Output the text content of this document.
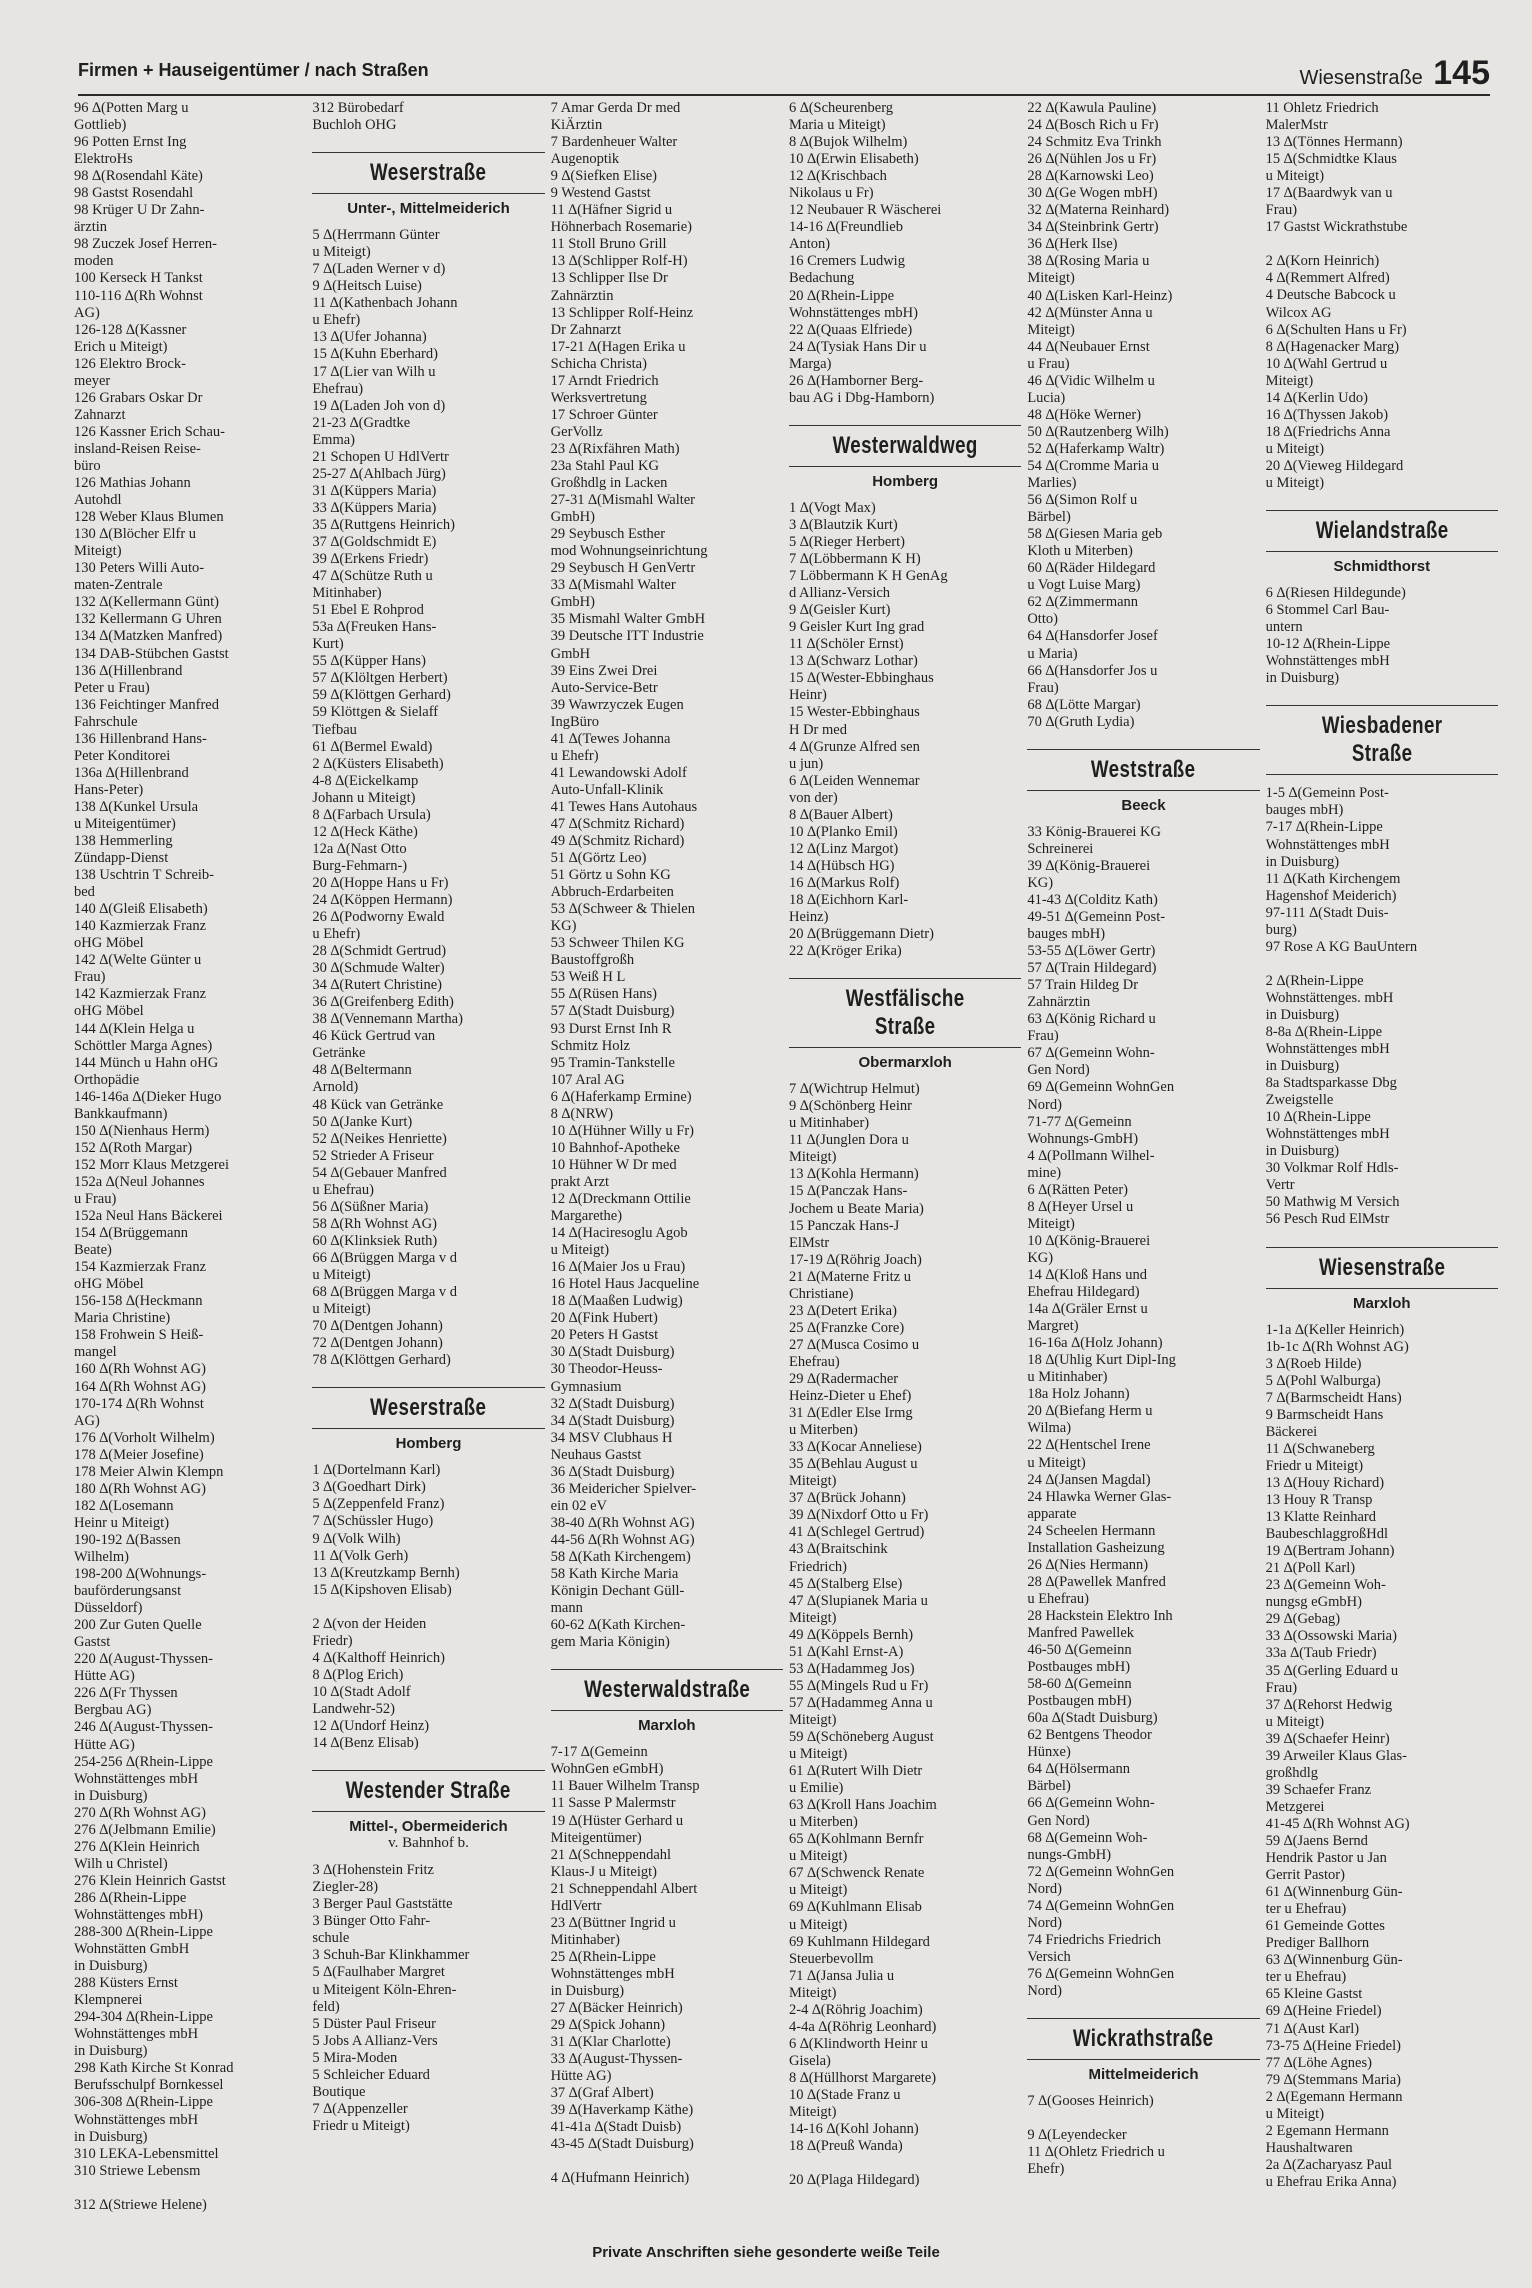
Firmen + Hauseigentümer / nach Straßen	Wiesenstraße 145
96 ∆(Potten Marg u
Gottlieb)
96 Potten Ernst Ing
ElektroHs
98 ∆(Rosendahl Käte)
98 Gastst Rosendahl
98 Krüger U Dr Zahn-
ärztin
98 Zuczek Josef Herren-
moden
100 Kerseck H Tankst
110-116 ∆(Rh Wohnst
AG)
126-128 ∆(Kassner
Erich u Miteigt)
126 Elektro Brock-
meyer
126 Grabars Oskar Dr
Zahnarzt
126 Kassner Erich Schau-
insland-Reisen Reise-
büro
126 Mathias Johann
Autohdl
128 Weber Klaus Blumen
130 ∆(Blöcher Elfr u
Miteigt)
130 Peters Willi Auto-
maten-Zentrale
132 ∆(Kellermann Günt)
132 Kellermann G Uhren
134 ∆(Matzken Manfred)
134 DAB-Stübchen Gastst
136 ∆(Hillenbrand
Peter u Frau)
136 Feichtinger Manfred
Fahrschule
136 Hillenbrand Hans-
Peter Konditorei
136a ∆(Hillenbrand
Hans-Peter)
138 ∆(Kunkel Ursula
u Miteigentümer)
138 Hemmerling
Zündapp-Dienst
138 Uschtrin T Schreib-
bed
140 ∆(Gleiß Elisabeth)
140 Kazmierzak Franz
oHG Möbel
142 ∆(Welte Günter u
Frau)
142 Kazmierzak Franz
oHG Möbel
144 ∆(Klein Helga u
Schöttler Marga Agnes)
144 Münch u Hahn oHG
Orthopädie
146-146a ∆(Dieker Hugo
Bankkaufmann)
150 ∆(Nienhaus Herm)
152 ∆(Roth Margar)
152 Morr Klaus Metzgerei
152a ∆(Neul Johannes
u Frau)
152a Neul Hans Bäckerei
154 ∆(Brüggemann
Beate)
154 Kazmierzak Franz
oHG Möbel
156-158 ∆(Heckmann
Maria Christine)
158 Frohwein S Heiß-
mangel
160 ∆(Rh Wohnst AG)
164 ∆(Rh Wohnst AG)
170-174 ∆(Rh Wohnst
AG)
176 ∆(Vorholt Wilhelm)
178 ∆(Meier Josefine)
178 Meier Alwin Klempn
180 ∆(Rh Wohnst AG)
182 ∆(Losemann
Heinr u Miteigt)
190-192 ∆(Bassen
Wilhelm)
198-200 ∆(Wohnungs-
bauförderungsanst
Düsseldorf)
200 Zur Guten Quelle
Gastst
220 ∆(August-Thyssen-
Hütte AG)
226 ∆(Fr Thyssen
Bergbau AG)
246 ∆(August-Thyssen-
Hütte AG)
254-256 ∆(Rhein-Lippe
Wohnstättenges mbH
in Duisburg)
270 ∆(Rh Wohnst AG)
276 ∆(Jelbmann Emilie)
276 ∆(Klein Heinrich
Wilh u Christel)
276 Klein Heinrich Gastst
286 ∆(Rhein-Lippe
Wohnstättenges mbH)
288-300 ∆(Rhein-Lippe
Wohnstätten GmbH
in Duisburg)
288 Küsters Ernst
Klempnerei
294-304 ∆(Rhein-Lippe
Wohnstättenges mbH
in Duisburg)
298 Kath Kirche St Konrad
Berufsschulpf Bornkessel
306-308 ∆(Rhein-Lippe
Wohnstättenges mbH
in Duisburg)
310 LEKA-Lebensmittel
310 Striewe Lebensm
312 ∆(Striewe Helene)
312 Bürobedarf
Buchloh OHG
Weserstraße
Unter-, Mittelmeiderich
5 ∆(Herrmann Günter
u Miteigt)
7 ∆(Laden Werner v d)
9 ∆(Heitsch Luise)
11 ∆(Kathenbach Johann
u Ehefr)
13 ∆(Ufer Johanna)
15 ∆(Kuhn Eberhard)
17 ∆(Lier van Wilh u
Ehefrau)
19 ∆(Laden Joh von d)
21-23 ∆(Gradtke
Emma)
21 Schopen U HdlVertr
25-27 ∆(Ahlbach Jürg)
31 ∆(Küppers Maria)
33 ∆(Küppers Maria)
35 ∆(Ruttgens Heinrich)
37 ∆(Goldschmidt E)
39 ∆(Erkens Friedr)
47 ∆(Schütze Ruth u
Mitinhaber)
51 Ebel E Rohprod
53a ∆(Freuken Hans-
Kurt)
55 ∆(Küpper Hans)
57 ∆(Klöltgen Herbert)
59 ∆(Klöttgen Gerhard)
59 Klöttgen & Sielaff
Tiefbau
61 ∆(Bermel Ewald)
2 ∆(Küsters Elisabeth)
4-8 ∆(Eickelkamp
Johann u Miteigt)
8 ∆(Farbach Ursula)
12 ∆(Heck Käthe)
12a ∆(Nast Otto
Burg-Fehmarn-)
20 ∆(Hoppe Hans u Fr)
24 ∆(Köppen Hermann)
26 ∆(Podworny Ewald
u Ehefr)
28 ∆(Schmidt Gertrud)
30 ∆(Schmude Walter)
34 ∆(Rutert Christine)
36 ∆(Greifenberg Edith)
38 ∆(Vennemann Martha)
46 Kück Gertrud van
Getränke
48 ∆(Beltermann
Arnold)
48 Kück van Getränke
50 ∆(Janke Kurt)
52 ∆(Neikes Henriette)
52 Strieder A Friseur
54 ∆(Gebauer Manfred
u Ehefrau)
56 ∆(Süßner Maria)
58 ∆(Rh Wohnst AG)
60 ∆(Klinksiek Ruth)
66 ∆(Brüggen Marga v d
u Miteigt)
68 ∆(Brüggen Marga v d
u Miteigt)
70 ∆(Dentgen Johann)
72 ∆(Dentgen Johann)
78 ∆(Klöttgen Gerhard)
Weserstraße
Homberg
1 ∆(Dortelmann Karl)
3 ∆(Goedhart Dirk)
5 ∆(Zeppenfeld Franz)
7 ∆(Schüssler Hugo)
9 ∆(Volk Wilh)
11 ∆(Volk Gerh)
13 ∆(Kreutzkamp Bernh)
15 ∆(Kipshoven Elisab)
2 ∆(von der Heiden
Friedr)
4 ∆(Kalthoff Heinrich)
8 ∆(Plog Erich)
10 ∆(Stadt Adolf
Landwehr-52)
12 ∆(Undorf Heinz)
14 ∆(Benz Elisab)
Westender Straße
Mittel-, Obermeiderich
v. Bahnhof b.
3 ∆(Hohenstein Fritz
Ziegler-28)
3 Berger Paul Gaststätte
3 Bünger Otto Fahr-
schule
3 Schuh-Bar Klinkhammer
5 ∆(Faulhaber Margret
u Miteigent Köln-Ehren-
feld)
5 Düster Paul Friseur
5 Jobs A Allianz-Vers
5 Mira-Moden
5 Schleicher Eduard
Boutique
7 ∆(Appenzeller
Friedr u Miteigt)
7 Amar Gerda Dr med
KiÄrztin
7 Bardenheuer Walter
Augenoptik
9 ∆(Siefken Elise)
9 Westend Gastst
11 ∆(Häfner Sigrid u
Höhnerbach Rosemarie)
11 Stoll Bruno Grill
13 ∆(Schlipper Rolf-H)
13 Schlipper Ilse Dr
Zahnärztin
13 Schlipper Rolf-Heinz
Dr Zahnarzt
17-21 ∆(Hagen Erika u
Schicha Christa)
17 Arndt Friedrich
Werksvertretung
17 Schroer Günter
GerVollz
23 ∆(Rixfähren Math)
23a Stahl Paul KG
Großhdlg in Lacken
27-31 ∆(Mismahl Walter
GmbH)
29 Seybusch Esther
mod Wohnungseinrichtung
29 Seybusch H GenVertr
33 ∆(Mismahl Walter
GmbH)
35 Mismahl Walter GmbH
39 Deutsche ITT Industrie
GmbH
39 Eins Zwei Drei
Auto-Service-Betr
39 Wawrzyczek Eugen
IngBüro
41 ∆(Tewes Johanna
u Ehefr)
41 Lewandowski Adolf
Auto-Unfall-Klinik
41 Tewes Hans Autohaus
47 ∆(Schmitz Richard)
49 ∆(Schmitz Richard)
51 ∆(Görtz Leo)
51 Görtz u Sohn KG
Abbruch-Erdarbeiten
53 ∆(Schweer & Thielen
KG)
53 Schweer Thilen KG
Baustoffgroßh
53 Weiß H L
55 ∆(Rüsen Hans)
57 ∆(Stadt Duisburg)
93 Durst Ernst Inh R
Schmitz Holz
95 Tramin-Tankstelle
107 Aral AG
6 ∆(Haferkamp Ermine)
8 ∆(NRW)
10 ∆(Hühner Willy u Fr)
10 Bahnhof-Apotheke
10 Hühner W Dr med
prakt Arzt
12 ∆(Dreckmann Ottilie
Margarethe)
14 ∆(Haciresoglu Agob
u Miteigt)
16 ∆(Maier Jos u Frau)
16 Hotel Haus Jacqueline
18 ∆(Maaßen Ludwig)
20 ∆(Fink Hubert)
20 Peters H Gastst
30 ∆(Stadt Duisburg)
30 Theodor-Heuss-
Gymnasium
32 ∆(Stadt Duisburg)
34 ∆(Stadt Duisburg)
34 MSV Clubhaus H
Neuhaus Gastst
36 ∆(Stadt Duisburg)
36 Meidericher Spielver-
ein 02 eV
38-40 ∆(Rh Wohnst AG)
44-56 ∆(Rh Wohnst AG)
58 ∆(Kath Kirchengem)
58 Kath Kirche Maria
Königin Dechant Güll-
mann
60-62 ∆(Kath Kirchen-
gem Maria Königin)
Westerwaldstraße
Marxloh
7-17 ∆(Gemeinn
WohnGen eGmbH)
11 Bauer Wilhelm Transp
11 Sasse P Malermstr
19 ∆(Hüster Gerhard u
Miteigentümer)
21 ∆(Schneppendahl
Klaus-J u Miteigt)
21 Schneppendahl Albert
HdlVertr
23 ∆(Büttner Ingrid u
Mitinhaber)
25 ∆(Rhein-Lippe
Wohnstättenges mbH
in Duisburg)
27 ∆(Bäcker Heinrich)
29 ∆(Spick Johann)
31 ∆(Klar Charlotte)
33 ∆(August-Thyssen-
Hütte AG)
37 ∆(Graf Albert)
39 ∆(Haverkamp Käthe)
41-41a ∆(Stadt Duisb)
43-45 ∆(Stadt Duisburg)
4 ∆(Hufmann Heinrich)
6 ∆(Scheurenberg
Maria u Miteigt)
8 ∆(Bujok Wilhelm)
10 ∆(Erwin Elisabeth)
12 ∆(Krischbach
Nikolaus u Fr)
12 Neubauer R Wäscherei
14-16 ∆(Freundlieb
Anton)
16 Cremers Ludwig
Bedachung
20 ∆(Rhein-Lippe
Wohnstättenges mbH)
22 ∆(Quaas Elfriede)
24 ∆(Tysiak Hans Dir u
Marga)
26 ∆(Hamborner Berg-
bau AG i Dbg-Hamborn)
Westerwaldweg
Homberg
1 ∆(Vogt Max)
3 ∆(Blautzik Kurt)
5 ∆(Rieger Herbert)
7 ∆(Löbbermann K H)
7 Löbbermann K H GenAg
d Allianz-Versich
9 ∆(Geisler Kurt)
9 Geisler Kurt Ing grad
11 ∆(Schöler Ernst)
13 ∆(Schwarz Lothar)
15 ∆(Wester-Ebbinghaus
Heinr)
15 Wester-Ebbinghaus
H Dr med
4 ∆(Grunze Alfred sen
u jun)
6 ∆(Leiden Wennemar
von der)
8 ∆(Bauer Albert)
10 ∆(Planko Emil)
12 ∆(Linz Margot)
14 ∆(Hübsch HG)
16 ∆(Markus Rolf)
18 ∆(Eichhorn Karl-
Heinz)
20 ∆(Brüggemann Dietr)
22 ∆(Kröger Erika)
Westfälische Straße
Obermarxloh
7 ∆(Wichtrup Helmut)
9 ∆(Schönberg Heinr
u Mitinhaber)
11 ∆(Junglen Dora u
Miteigt)
13 ∆(Kohla Hermann)
15 ∆(Panczak Hans-
Jochem u Beate Maria)
15 Panczak Hans-J
ElMstr
17-19 ∆(Röhrig Joach)
21 ∆(Materne Fritz u
Christiane)
23 ∆(Detert Erika)
25 ∆(Franzke Core)
27 ∆(Musca Cosimo u
Ehefrau)
29 ∆(Radermacher
Heinz-Dieter u Ehef)
31 ∆(Edler Else Irmg
u Miterben)
33 ∆(Kocar Anneliese)
35 ∆(Behlau August u
Miteigt)
37 ∆(Brück Johann)
39 ∆(Nixdorf Otto u Fr)
41 ∆(Schlegel Gertrud)
43 ∆(Braitschink
Friedrich)
45 ∆(Stalberg Else)
47 ∆(Slupianek Maria u
Miteigt)
49 ∆(Köppels Bernh)
51 ∆(Kahl Ernst-A)
53 ∆(Hadammeg Jos)
55 ∆(Mingels Rud u Fr)
57 ∆(Hadammeg Anna u
Miteigt)
59 ∆(Schöneberg August
u Miteigt)
61 ∆(Rutert Wilh Dietr
u Emilie)
63 ∆(Kroll Hans Joachim
u Miterben)
65 ∆(Kohlmann Bernfr
u Miteigt)
67 ∆(Schwenck Renate
u Miteigt)
69 ∆(Kuhlmann Elisab
u Miteigt)
69 Kuhlmann Hildegard
Steuerbevollm
71 ∆(Jansa Julia u
Miteigt)
2-4 ∆(Röhrig Joachim)
4-4a ∆(Röhrig Leonhard)
6 ∆(Klindworth Heinr u
Gisela)
8 ∆(Hüllhorst Margarete)
10 ∆(Stade Franz u
Miteigt)
14-16 ∆(Kohl Johann)
18 ∆(Preuß Wanda)
20 ∆(Plaga Hildegard)
22 ∆(Kawula Pauline)
24 ∆(Bosch Rich u Fr)
24 Schmitz Eva Trinkh
26 ∆(Nühlen Jos u Fr)
28 ∆(Karnowski Leo)
30 ∆(Ge Wogen mbH)
32 ∆(Materna Reinhard)
34 ∆(Steinbrink Gertr)
36 ∆(Herk Ilse)
38 ∆(Rosing Maria u
Miteigt)
40 ∆(Lisken Karl-Heinz)
42 ∆(Münster Anna u
Miteigt)
44 ∆(Neubauer Ernst
u Frau)
46 ∆(Vidic Wilhelm u
Lucia)
48 ∆(Höke Werner)
50 ∆(Rautzenberg Wilh)
52 ∆(Haferkamp Waltr)
54 ∆(Cromme Maria u
Marlies)
56 ∆(Simon Rolf u
Bärbel)
58 ∆(Giesen Maria geb
Kloth u Miterben)
60 ∆(Räder Hildegard
u Vogt Luise Marg)
62 ∆(Zimmermann
Otto)
64 ∆(Hansdorfer Josef
u Maria)
66 ∆(Hansdorfer Jos u
Frau)
68 ∆(Lötte Margar)
70 ∆(Gruth Lydia)
Weststraße
Beeck
33 König-Brauerei KG
Schreinerei
39 ∆(König-Brauerei
KG)
41-43 ∆(Colditz Kath)
49-51 ∆(Gemeinn Post-
bauges mbH)
53-55 ∆(Löwer Gertr)
57 ∆(Train Hildegard)
57 Train Hildeg Dr
Zahnärztin
63 ∆(König Richard u
Frau)
67 ∆(Gemeinn Wohn-
Gen Nord)
69 ∆(Gemeinn WohnGen
Nord)
71-77 ∆(Gemeinn
Wohnungs-GmbH)
4 ∆(Pollmann Wilhel-
mine)
6 ∆(Rätten Peter)
8 ∆(Heyer Ursel u
Miteigt)
10 ∆(König-Brauerei
KG)
14 ∆(Kloß Hans und
Ehefrau Hildegard)
14a ∆(Gräler Ernst u
Margret)
16-16a ∆(Holz Johann)
18 ∆(Uhlig Kurt Dipl-Ing
u Mitinhaber)
18a Holz Johann)
20 ∆(Biefang Herm u
Wilma)
22 ∆(Hentschel Irene
u Miteigt)
24 ∆(Jansen Magdal)
24 Hlawka Werner Glas-
apparate
24 Scheelen Hermann
Installation Gasheizung
26 ∆(Nies Hermann)
28 ∆(Pawellek Manfred
u Ehefrau)
28 Hackstein Elektro Inh
Manfred Pawellek
46-50 ∆(Gemeinn
Postbauges mbH)
58-60 ∆(Gemeinn
Postbaugen mbH)
60a ∆(Stadt Duisburg)
62 Bentgens Theodor
Hünxe)
64 ∆(Hölsermann
Bärbel)
66 ∆(Gemeinn Wohn-
Gen Nord)
68 ∆(Gemeinn Woh-
nungs-GmbH)
72 ∆(Gemeinn WohnGen
Nord)
74 ∆(Gemeinn WohnGen
Nord)
74 Friedrichs Friedrich
Versich
76 ∆(Gemeinn WohnGen
Nord)
Wickrathstraße
Mittelmeiderich
7 ∆(Gooses Heinrich)
9 ∆(Leyendecker
11 ∆(Ohletz Friedrich u
Ehefr)
11 Ohletz Friedrich
MalerMstr
13 ∆(Tönnes Hermann)
15 ∆(Schmidtke Klaus
u Miteigt)
17 ∆(Baardwyk van u
Frau)
17 Gastst Wickrathstube
2 ∆(Korn Heinrich)
4 ∆(Remmert Alfred)
4 Deutsche Babcock u
Wilcox AG
6 ∆(Schulten Hans u Fr)
8 ∆(Hagenacker Marg)
10 ∆(Wahl Gertrud u
Miteigt)
14 ∆(Kerlin Udo)
16 ∆(Thyssen Jakob)
18 ∆(Friedrichs Anna
u Miteigt)
20 ∆(Vieweg Hildegard
u Miteigt)
Wielandstraße
Schmidthorst
6 ∆(Riesen Hildegunde)
6 Stommel Carl Bau-
untern
10-12 ∆(Rhein-Lippe
Wohnstättenges mbH
in Duisburg)
Wiesbadener Straße
1-5 ∆(Gemeinn Post-
bauges mbH)
7-17 ∆(Rhein-Lippe
Wohnstättenges mbH
in Duisburg)
11 ∆(Kath Kirchengem
Hagenshof Meiderich)
97-111 ∆(Stadt Duis-
burg)
97 Rose A KG BauUntern
2 ∆(Rhein-Lippe
Wohnstättenges. mbH
in Duisburg)
8-8a ∆(Rhein-Lippe
Wohnstättenges mbH
in Duisburg)
8a Stadtsparkasse Dbg
Zweigstelle
10 ∆(Rhein-Lippe
Wohnstättenges mbH
in Duisburg)
30 Volkmar Rolf Hdls-
Vertr
50 Mathwig M Versich
56 Pesch Rud ElMstr
Wiesenstraße
Marxloh
1-1a ∆(Keller Heinrich)
1b-1c ∆(Rh Wohnst AG)
3 ∆(Roeb Hilde)
5 ∆(Pohl Walburga)
7 ∆(Barmscheidt Hans)
9 Barmscheidt Hans
Bäckerei
11 ∆(Schwaneberg
Friedr u Miteigt)
13 ∆(Houy Richard)
13 Houy R Transp
13 Klatte Reinhard
BaubeschlaggroßHdl
19 ∆(Bertram Johann)
21 ∆(Poll Karl)
23 ∆(Gemeinn Woh-
nungsg eGmbH)
29 ∆(Gebag)
33 ∆(Ossowski Maria)
33a ∆(Taub Friedr)
35 ∆(Gerling Eduard u
Frau)
37 ∆(Rehorst Hedwig
u Miteigt)
39 ∆(Schaefer Heinr)
39 Arweiler Klaus Glas-
großhdlg
39 Schaefer Franz
Metzgerei
41-45 ∆(Rh Wohnst AG)
59 ∆(Jaens Bernd
Hendrik Pastor u Jan
Gerrit Pastor)
61 ∆(Winnenburg Gün-
ter u Ehefrau)
61 Gemeinde Gottes
Prediger Ballhorn
63 ∆(Winnenburg Gün-
ter u Ehefrau)
65 Kleine Gastst
69 ∆(Heine Friedel)
71 ∆(Aust Karl)
73-75 ∆(Heine Friedel)
77 ∆(Löhe Agnes)
79 ∆(Stemmans Maria)
2 ∆(Egemann Hermann
u Miteigt)
2 Egemann Hermann
Haushaltwaren
2a ∆(Zacharyasz Paul
u Ehefrau Erika Anna)
Private Anschriften siehe gesonderte weiße Teile
